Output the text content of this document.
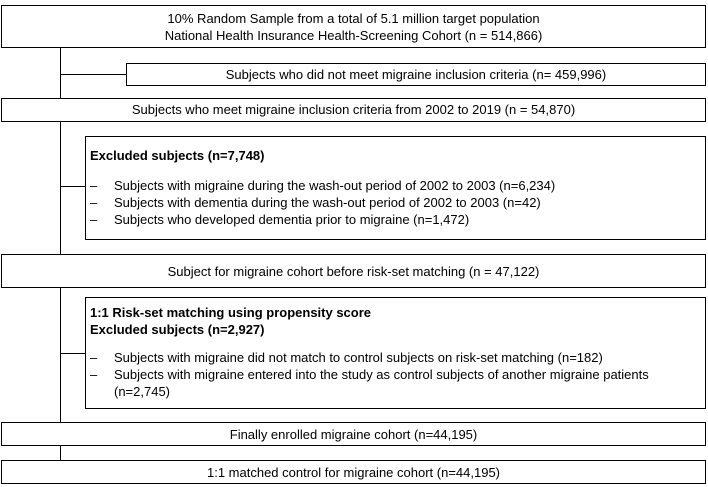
10% Random Sample from a total of 5.1 million target population
National Health Insurance Health-Screening Cohort (n = 514,866)
Subjects who did not meet migraine inclusion criteria (n= 459,996)
Subjects who meet migraine inclusion criteria from 2002 to 2019 (n = 54,870)
Excluded subjects (n=7,748)
– Subjects with migraine during the wash-out period of 2002 to 2003 (n=6,234)
– Subjects with dementia during the wash-out period of 2002 to 2003 (n=42)
– Subjects who developed dementia prior to migraine (n=1,472)
Subject for migraine cohort before risk-set matching (n = 47,122)
1:1 Risk-set matching using propensity score
Excluded subjects (n=2,927)
– Subjects with migraine did not match to control subjects on risk-set matching (n=182)
– Subjects with migraine entered into the study as control subjects of another migraine patients (n=2,745)
Finally enrolled migraine cohort (n=44,195)
1:1 matched control for migraine cohort (n=44,195)
